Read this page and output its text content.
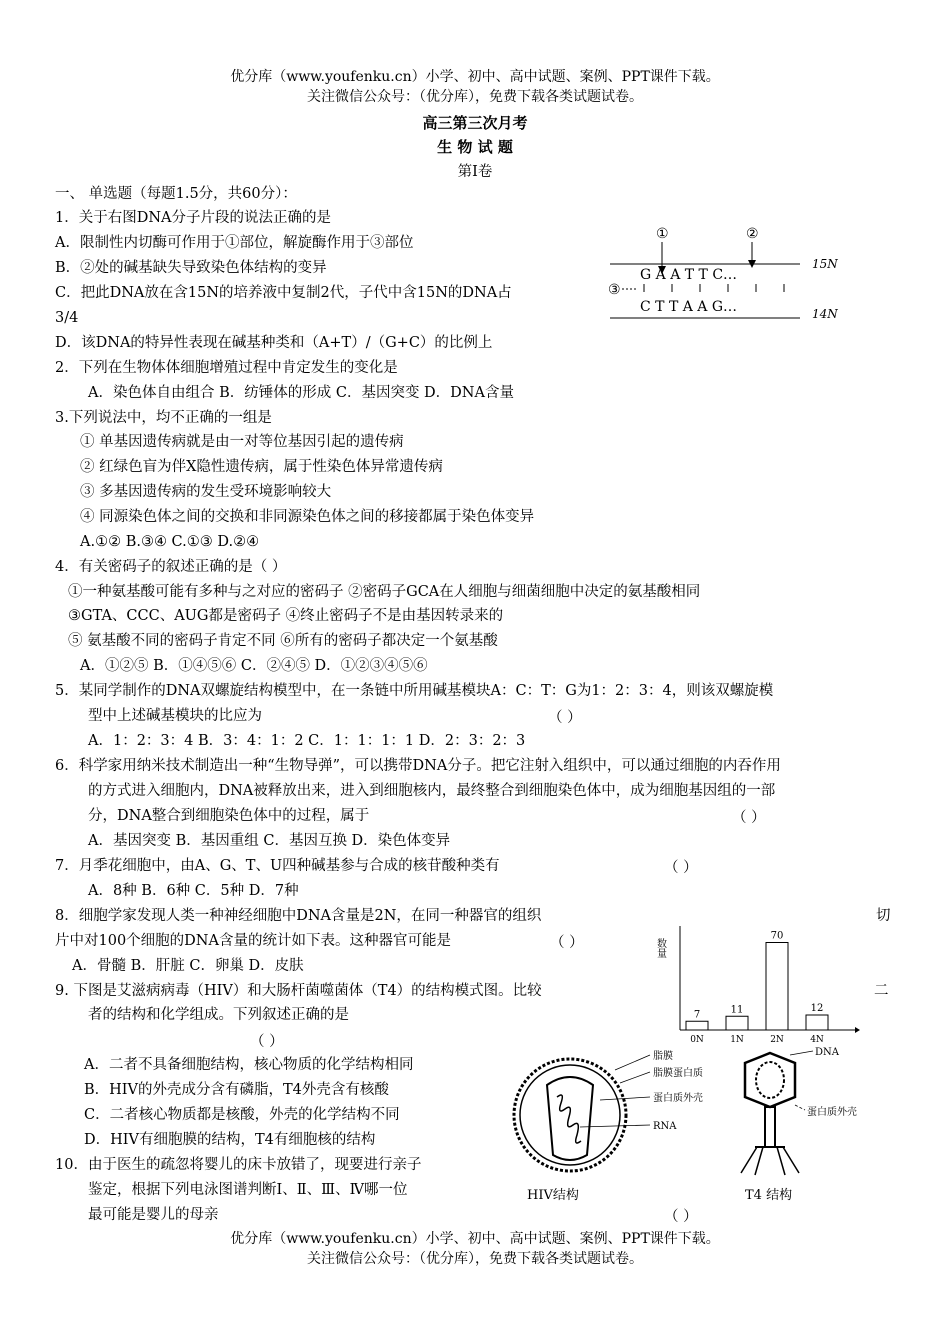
优分库（www.youfenku.cn）小学、初中、高中试题、案例、PPT课件下载。
关注微信公众号：（优分库），免费下载各类试题试卷。
高三第三次月考
生 物 试 题
第Ⅰ卷
一、 单选题（每题1.5分，共60分）：
1．关于右图DNA分子片段的说法正确的是
A．限制性内切酶可作用于①部位，解旋酶作用于③部位
B．②处的碱基缺失导致染色体结构的变异
C．把此DNA放在含15N的培养液中复制2代，子代中含15N的DNA占
3/4
D．该DNA的特异性表现在碱基种类和（A+T）/（G+C）的比例上
①	②
G A A T T C…
15N
③
C T T A A G…	14N
2．下列在生物体体细胞增殖过程中肯定发生的变化是
A．染色体自由组合 B．纺锤体的形成 C．基因突变 D．DNA含量
3.下列说法中，均不正确的一组是
① 单基因遗传病就是由一对等位基因引起的遗传病
② 红绿色盲为伴X隐性遗传病，属于性染色体异常遗传病
③ 多基因遗传病的发生受环境影响较大
④ 同源染色体之间的交换和非同源染色体之间的移接都属于染色体变异
A.①② B.③④ C.①③ D.②④
4．有关密码子的叙述正确的是（ ）
①一种氨基酸可能有多种与之对应的密码子 ②密码子GCA在人细胞与细菌细胞中决定的氨基酸相同
③GTA、CCC、AUG都是密码子 ④终止密码子不是由基因转录来的
⑤ 氨基酸不同的密码子肯定不同 ⑥所有的密码子都决定一个氨基酸
A．①②⑤ B．①④⑤⑥ C．②④⑤ D．①②③④⑤⑥
5．某同学制作的DNA双螺旋结构模型中，在一条链中所用碱基模块A：C：T：G为1：2：3：4，则该双螺旋模
型中上述碱基模块的比应为	（ ）
A．1：2：3：4 B．3：4：1：2 C．1：1：1：1 D．2：3：2：3
6．科学家用纳米技术制造出一种“生物导弹”，可以携带DNA分子。把它注射入组织中，可以通过细胞的内吞作用
的方式进入细胞内，DNA被释放出来，进入到细胞核内，最终整合到细胞染色体中，成为细胞基因组的一部
分，DNA整合到细胞染色体中的过程，属于	（ ）
A．基因突变 B．基因重组 C．基因互换 D．染色体变异
7．月季花细胞中，由A、G、T、U四种碱基参与合成的核苷酸种类有	（ ）
A．8种 B．6种 C．5种 D．7种
8．细胞学家发现人类一种神经细胞中DNA含量是2N，在同一种器官的组织	切
片中对100个细胞的DNA含量的统计如下表。这种器官可能是	（ ）
A．骨髓 B．肝脏 C．卵巢 D．皮肤
数量
7
0N
11
1N
70
2N
12
4N
9. 下图是艾滋病病毒（HIV）和大肠杆菌噬菌体（T4）的结构模式图。比较	二
者的结构和化学组成。下列叙述正确的是
（ ）
A．二者不具备细胞结构，核心物质的化学结构相同
B．HIV的外壳成分含有磷脂，T4外壳含有核酸
C．二者核心物质都是核酸，外壳的化学结构不同
D．HIV有细胞膜的结构，T4有细胞核的结构
10．由于医生的疏忽将婴儿的床卡放错了，现要进行亲子
鉴定，根据下列电泳图谱判断Ⅰ、Ⅱ、Ⅲ、Ⅳ哪一位
最可能是婴儿的母亲	（ ）
脂膜
脂膜蛋白质
蛋白质外壳
RNA
HIV结构
DNA
蛋白质外壳
T4 结构
优分库（www.youfenku.cn）小学、初中、高中试题、案例、PPT课件下载。
关注微信公众号：（优分库），免费下载各类试题试卷。
